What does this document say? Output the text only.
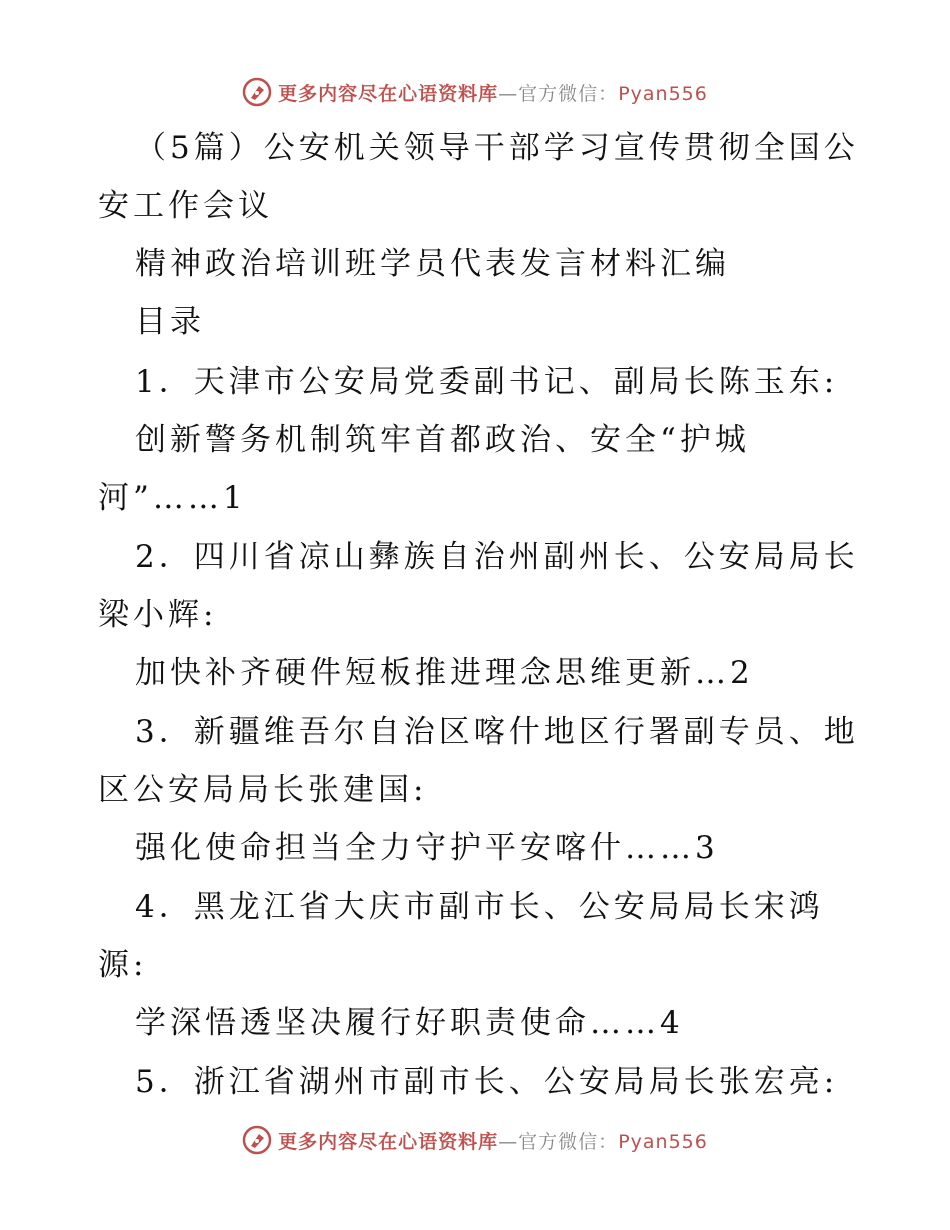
更多内容尽在心语资料库—官方微信：Pyan556
（5篇）公安机关领导干部学习宣传贯彻全国公
安工作会议
精神政治培训班学员代表发言材料汇编
目录
1．天津市公安局党委副书记、副局长陈玉东:
创新警务机制筑牢首都政治、安全“护城
河”……1
2．四川省凉山彝族自治州副州长、公安局局长
梁小辉:
加快补齐硬件短板推进理念思维更新…2
3．新疆维吾尔自治区喀什地区行署副专员、地
区公安局局长张建国:
强化使命担当全力守护平安喀什……3
4．黑龙江省大庆市副市长、公安局局长宋鸿
源:
学深悟透坚决履行好职责使命……4
5．浙江省湖州市副市长、公安局局长张宏亮:
更多内容尽在心语资料库—官方微信：Pyan556
